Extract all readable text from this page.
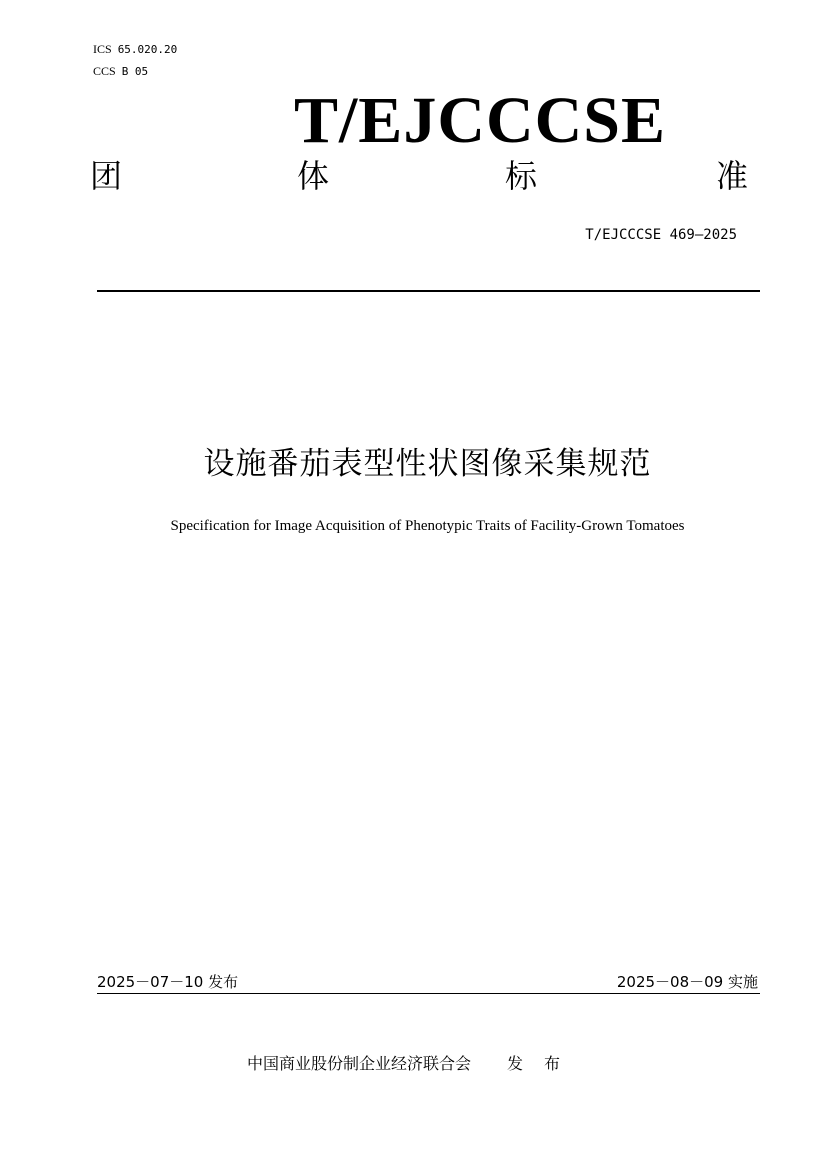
ICS 65.020.20
CCS B 05
T/EJCCCSE
团	体	标	准
T/EJCCCSE 469—2025
设施番茄表型性状图像采集规范
Specification for Image Acquisition of Phenotypic Traits of Facility-Grown Tomatoes
2025－07－10 发布	2025－08－09 实施
中国商业股份制企业经济联合会 发 布
